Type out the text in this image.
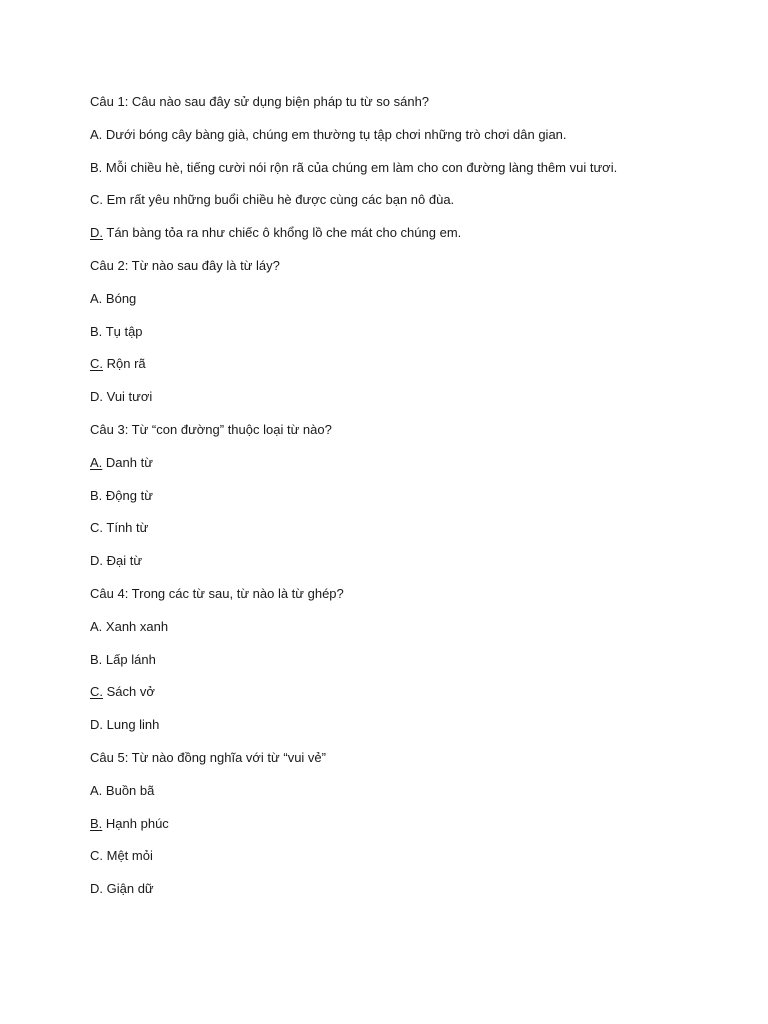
Câu 1: Câu nào sau đây sử dụng biện pháp tu từ so sánh?
A. Dưới bóng cây bàng già, chúng em thường tụ tập chơi những trò chơi dân gian.
B. Mỗi chiều hè, tiếng cười nói rộn rã của chúng em làm cho con đường làng thêm vui tươi.
C. Em rất yêu những buổi chiều hè được cùng các bạn nô đùa.
D. Tán bàng tỏa ra như chiếc ô khổng lồ che mát cho chúng em.
Câu 2: Từ nào sau đây là từ láy?
A. Bóng
B. Tụ tập
C. Rộn rã
D. Vui tươi
Câu 3: Từ “con đường” thuộc loại từ nào?
A. Danh từ
B. Động từ
C. Tính từ
D. Đại từ
Câu 4: Trong các từ sau, từ nào là từ ghép?
A. Xanh xanh
B. Lấp lánh
C. Sách vở
D. Lung linh
Câu 5: Từ nào đồng nghĩa với từ “vui vẻ”
A. Buồn bã
B. Hạnh phúc
C. Mệt mỏi
D. Giận dữ
